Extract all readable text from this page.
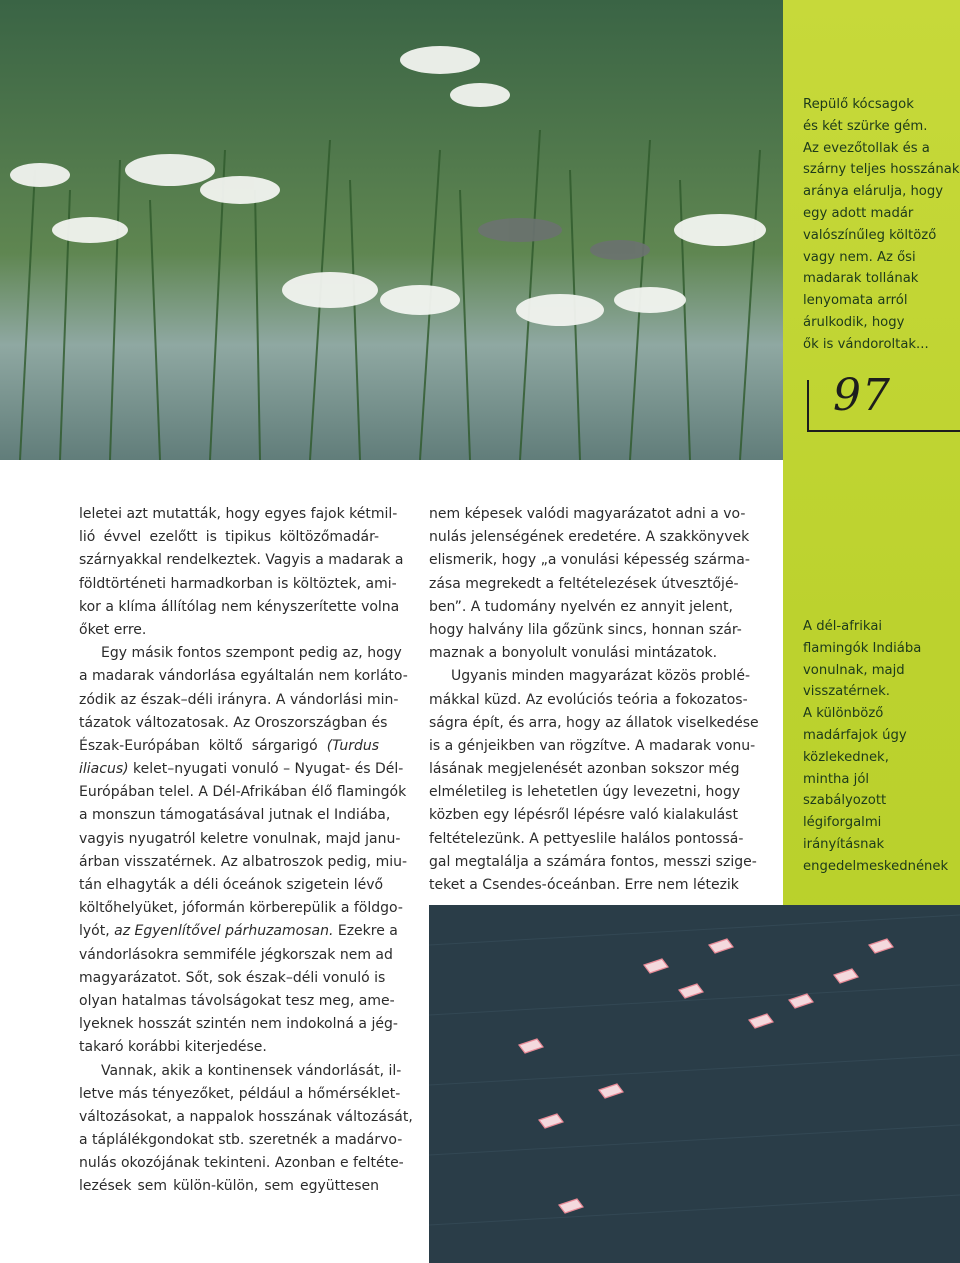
Repülő kócsagok
és két szürke gém.
Az evezőtollak és a
szárny teljes hosszának
aránya elárulja, hogy
egy adott madár
valószínűleg költöző
vagy nem. Az ősi
madarak tollának
lenyomata arról
árulkodik, hogy
ők is vándoroltak...
97
leletei azt mutatták, hogy egyes fajok kétmil-
lió évvel ezelőtt is tipikus költözőmadár-
szárnyakkal rendelkeztek. Vagyis a madarak a
földtörténeti harmadkorban is költöztek, ami-
kor a klíma állítólag nem kényszerítette volna
őket erre.
Egy másik fontos szempont pedig az, hogy
a madarak vándorlása egyáltalán nem korláto-
zódik az észak–déli irányra. A vándorlási min-
tázatok változatosak. Az Oroszországban és
Észak-Európában költő sárgarigó (Turdus
iliacus) kelet–nyugati vonuló – Nyugat- és Dél-
Európában telel. A Dél-Afrikában élő flamingók
a monszun támogatásával jutnak el Indiába,
vagyis nyugatról keletre vonulnak, majd janu-
árban visszatérnek. Az albatroszok pedig, miu-
tán elhagyták a déli óceánok szigetein lévő
költőhelyüket, jóformán körberepülik a földgo-
lyót, az Egyenlítővel párhuzamosan. Ezekre a
vándorlásokra semmiféle jégkorszak nem ad
magyarázatot. Sőt, sok észak–déli vonuló is
olyan hatalmas távolságokat tesz meg, ame-
lyeknek hosszát szintén nem indokolná a jég-
takaró korábbi kiterjedése.
Vannak, akik a kontinensek vándorlását, il-
letve más tényezőket, például a hőmérséklet-
változásokat, a nappalok hosszának változását,
a táplálékgondokat stb. szeretnék a madárvo-
nulás okozójának tekinteni. Azonban e feltéte-
lezések sem külön-külön, sem együttesen
nem képesek valódi magyarázatot adni a vo-
nulás jelenségének eredetére. A szakkönyvek
elismerik, hogy „a vonulási képesség szárma-
zása megrekedt a feltételezések útvesztőjé-
ben”. A tudomány nyelvén ez annyit jelent,
hogy halvány lila gőzünk sincs, honnan szár-
maznak a bonyolult vonulási mintázatok.
Ugyanis minden magyarázat közös problé-
mákkal küzd. Az evolúciós teória a fokozatos-
ságra épít, és arra, hogy az állatok viselkedése
is a génjeikben van rögzítve. A madarak vonu-
lásának megjelenését azonban sokszor még
elméletileg is lehetetlen úgy levezetni, hogy
közben egy lépésről lépésre való kialakulást
feltételezünk. A pettyeslile halálos pontossá-
gal megtalálja a számára fontos, messzi szige-
teket a Csendes-óceánban. Erre nem létezik
A dél-afrikai
flamingók Indiába
vonulnak, majd
visszatérnek.
A különböző
madárfajok úgy
közlekednek,
mintha jól
szabályozott
légiforgalmi
irányításnak
engedelmeskednének
